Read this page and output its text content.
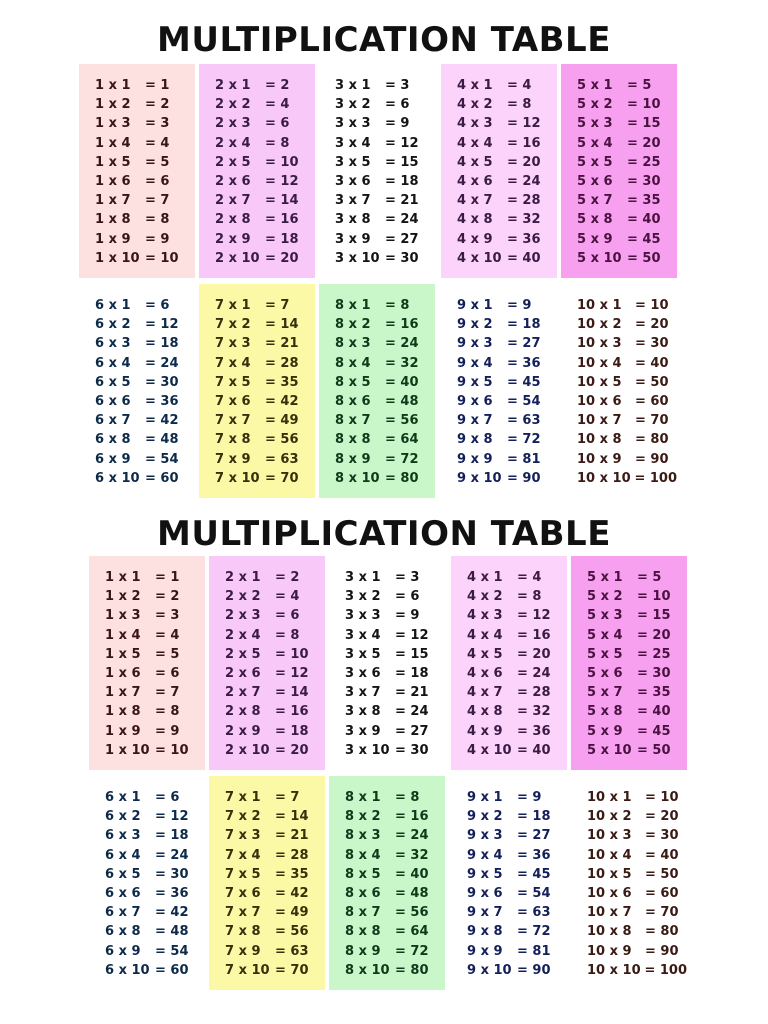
MULTIPLICATION TABLE
1 x 1	= 1
1 x 2	= 2
1 x 3	= 3
1 x 4	= 4
1 x 5	= 5
1 x 6	= 6
1 x 7	= 7
1 x 8	= 8
1 x 9	= 9
1 x 10 = 10
2 x 1	= 2
2 x 2	= 4
2 x 3	= 6
2 x 4	= 8
2 x 5	= 10
2 x 6	= 12
2 x 7	= 14
2 x 8	= 16
2 x 9	= 18
2 x 10 = 20
3 x 1	= 3
3 x 2	= 6
3 x 3	= 9
3 x 4	= 12
3 x 5	= 15
3 x 6	= 18
3 x 7	= 21
3 x 8	= 24
3 x 9	= 27
3 x 10 = 30
4 x 1	= 4
4 x 2	= 8
4 x 3	= 12
4 x 4	= 16
4 x 5	= 20
4 x 6	= 24
4 x 7	= 28
4 x 8	= 32
4 x 9	= 36
4 x 10 = 40
5 x 1	= 5
5 x 2	= 10
5 x 3	= 15
5 x 4	= 20
5 x 5	= 25
5 x 6	= 30
5 x 7	= 35
5 x 8	= 40
5 x 9	= 45
5 x 10 = 50
6 x 1	= 6
6 x 2	= 12
6 x 3	= 18
6 x 4	= 24
6 x 5	= 30
6 x 6	= 36
6 x 7	= 42
6 x 8	= 48
6 x 9	= 54
6 x 10 = 60
7 x 1	= 7
7 x 2	= 14
7 x 3	= 21
7 x 4	= 28
7 x 5	= 35
7 x 6	= 42
7 x 7	= 49
7 x 8	= 56
7 x 9	= 63
7 x 10 = 70
8 x 1	= 8
8 x 2	= 16
8 x 3	= 24
8 x 4	= 32
8 x 5	= 40
8 x 6	= 48
8 x 7	= 56
8 x 8	= 64
8 x 9	= 72
8 x 10 = 80
9 x 1	= 9
9 x 2	= 18
9 x 3	= 27
9 x 4	= 36
9 x 5	= 45
9 x 6	= 54
9 x 7	= 63
9 x 8	= 72
9 x 9	= 81
9 x 10 = 90
10 x 1	= 10
10 x 2	= 20
10 x 3	= 30
10 x 4	= 40
10 x 5	= 50
10 x 6	= 60
10 x 7	= 70
10 x 8	= 80
10 x 9	= 90
10 x 10 = 100
MULTIPLICATION TABLE
1 x 1	= 1
1 x 2	= 2
1 x 3	= 3
1 x 4	= 4
1 x 5	= 5
1 x 6	= 6
1 x 7	= 7
1 x 8	= 8
1 x 9	= 9
1 x 10 = 10
2 x 1	= 2
2 x 2	= 4
2 x 3	= 6
2 x 4	= 8
2 x 5	= 10
2 x 6	= 12
2 x 7	= 14
2 x 8	= 16
2 x 9	= 18
2 x 10 = 20
3 x 1	= 3
3 x 2	= 6
3 x 3	= 9
3 x 4	= 12
3 x 5	= 15
3 x 6	= 18
3 x 7	= 21
3 x 8	= 24
3 x 9	= 27
3 x 10 = 30
4 x 1	= 4
4 x 2	= 8
4 x 3	= 12
4 x 4	= 16
4 x 5	= 20
4 x 6	= 24
4 x 7	= 28
4 x 8	= 32
4 x 9	= 36
4 x 10 = 40
5 x 1	= 5
5 x 2	= 10
5 x 3	= 15
5 x 4	= 20
5 x 5	= 25
5 x 6	= 30
5 x 7	= 35
5 x 8	= 40
5 x 9	= 45
5 x 10 = 50
6 x 1	= 6
6 x 2	= 12
6 x 3	= 18
6 x 4	= 24
6 x 5	= 30
6 x 6	= 36
6 x 7	= 42
6 x 8	= 48
6 x 9	= 54
6 x 10 = 60
7 x 1	= 7
7 x 2	= 14
7 x 3	= 21
7 x 4	= 28
7 x 5	= 35
7 x 6	= 42
7 x 7	= 49
7 x 8	= 56
7 x 9	= 63
7 x 10 = 70
8 x 1	= 8
8 x 2	= 16
8 x 3	= 24
8 x 4	= 32
8 x 5	= 40
8 x 6	= 48
8 x 7	= 56
8 x 8	= 64
8 x 9	= 72
8 x 10 = 80
9 x 1	= 9
9 x 2	= 18
9 x 3	= 27
9 x 4	= 36
9 x 5	= 45
9 x 6	= 54
9 x 7	= 63
9 x 8	= 72
9 x 9	= 81
9 x 10 = 90
10 x 1	= 10
10 x 2	= 20
10 x 3	= 30
10 x 4	= 40
10 x 5	= 50
10 x 6	= 60
10 x 7	= 70
10 x 8	= 80
10 x 9	= 90
10 x 10 = 100
